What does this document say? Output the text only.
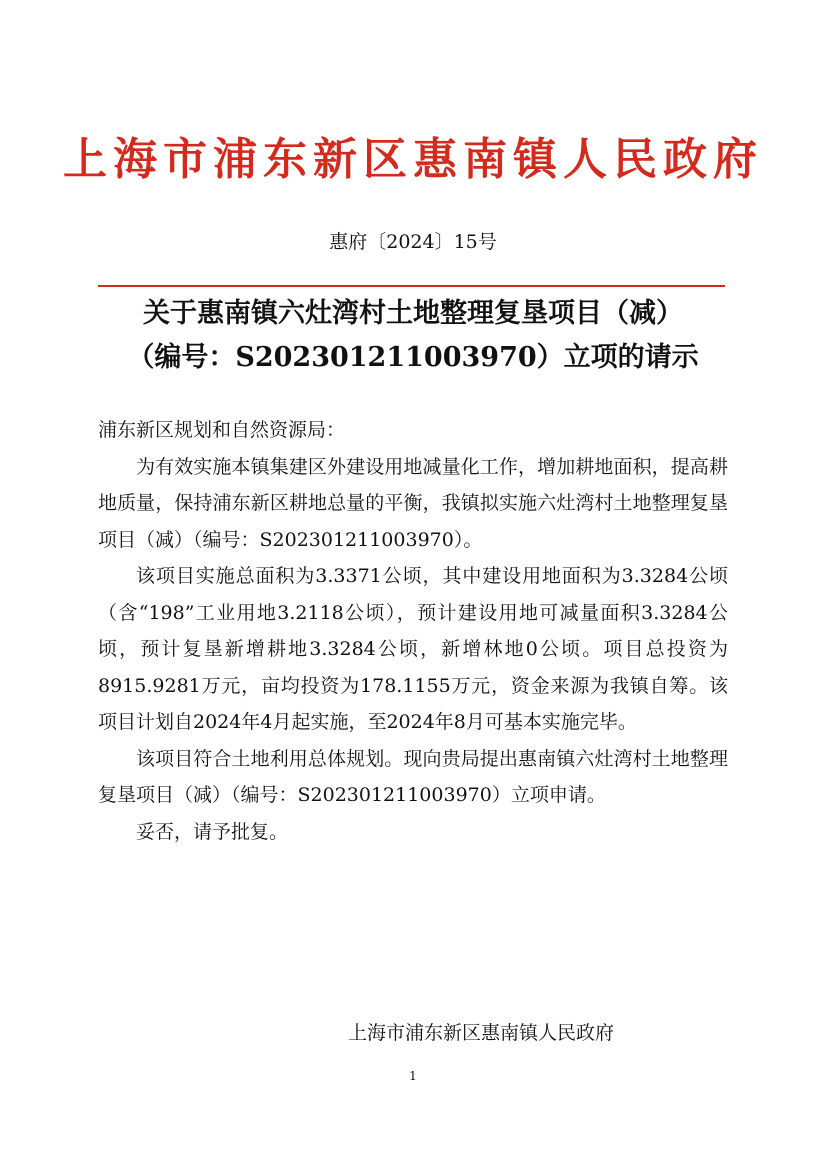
上海市浦东新区惠南镇人民政府
惠府〔2024〕15号
关于惠南镇六灶湾村土地整理复垦项目（减）
（编号：S202301211003970）立项的请示

浦东新区规划和自然资源局：

为有效实施本镇集建区外建设用地减量化工作，增加耕地面积，提高耕地质量，保持浦东新区耕地总量的平衡，我镇拟实施六灶湾村土地整理复垦项目（减）（编号：S202301211003970）。

该项目实施总面积为3.3371公顷，其中建设用地面积为3.3284公顷（含“198”工业用地3.2118公顷），预计建设用地可减量面积3.3284公顷，预计复垦新增耕地3.3284公顷，新增林地0公顷。项目总投资为8915.9281万元，亩均投资为178.1155万元，资金来源为我镇自筹。该项目计划自2024年4月起实施，至2024年8月可基本实施完毕。

该项目符合土地利用总体规划。现向贵局提出惠南镇六灶湾村土地整理复垦项目（减）（编号：S202301211003970）立项申请。

妥否，请予批复。

上海市浦东新区惠南镇人民政府
1
